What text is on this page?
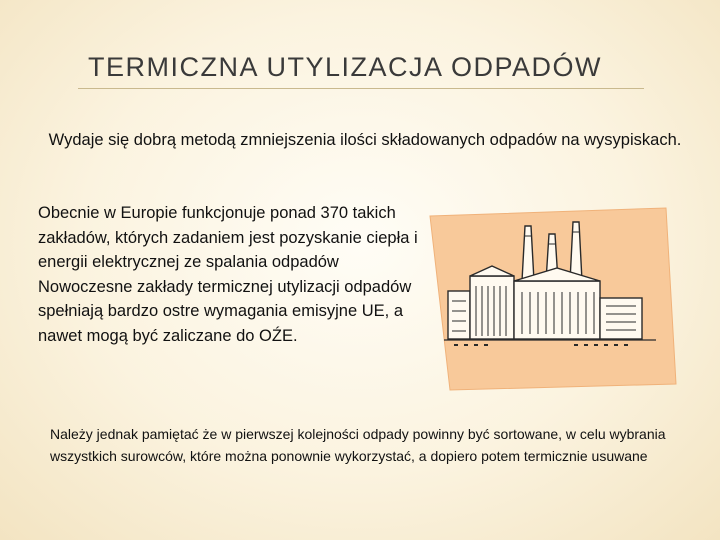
TERMICZNA UTYLIZACJA ODPADÓW
Wydaje się dobrą metodą zmniejszenia ilości składowanych odpadów na wysypiskach.

Obecnie w Europie funkcjonuje ponad 370 takich zakładów, których zadaniem jest pozyskanie ciepła i energii elektrycznej ze spalania odpadów

Nowoczesne zakłady termicznej utylizacji odpadów spełniają bardzo ostre wymagania emisyjne UE, a nawet mogą być zaliczane do OŹE.

Należy jednak pamiętać że w pierwszej kolejności odpady powinny być sortowane, w celu wybrania wszystkich surowców, które można ponownie wykorzystać, a dopiero potem termicznie usuwane
